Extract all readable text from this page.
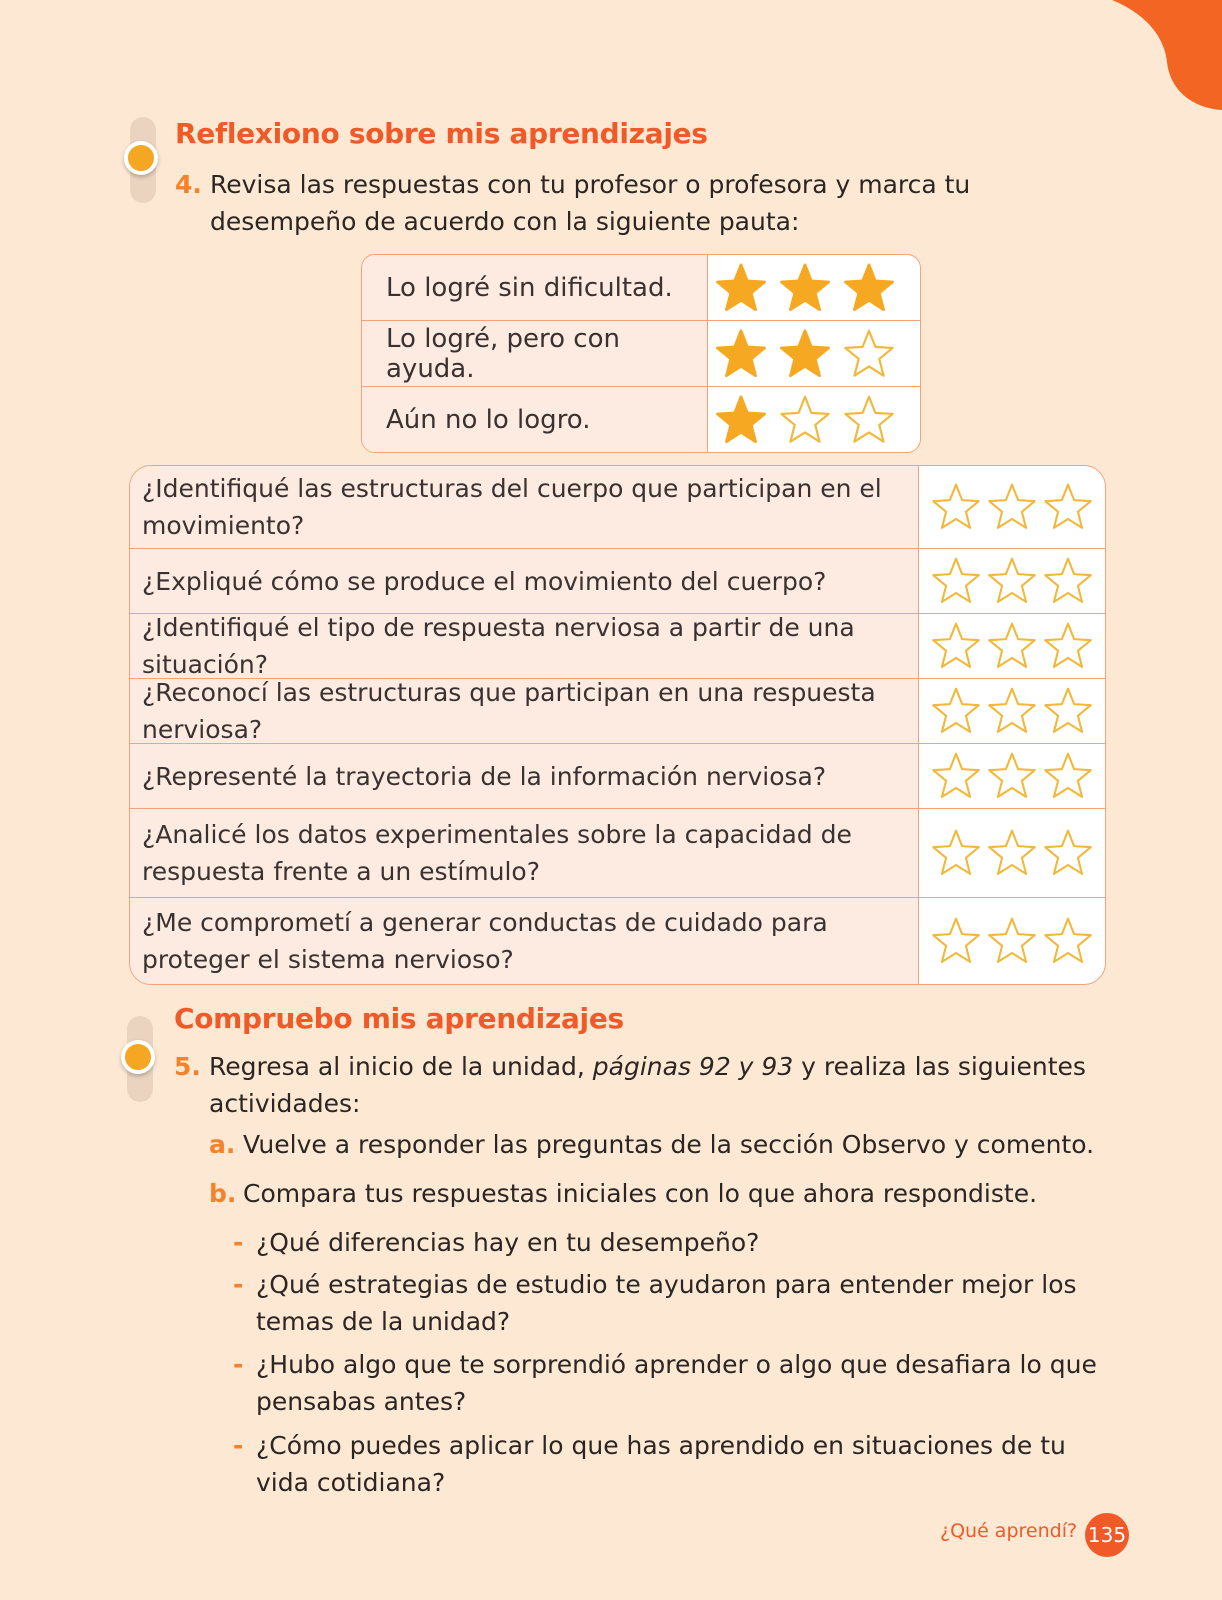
Reflexiono sobre mis aprendizajes
4. Revisa las respuestas con tu profesor o profesora y marca tu desempeño de acuerdo con la siguiente pauta:
Lo logré sin dificultad.
Lo logré, pero con ayuda.
Aún no lo logro.
¿Identifiqué las estructuras del cuerpo que participan en el movimiento?
¿Expliqué cómo se produce el movimiento del cuerpo?
¿Identifiqué el tipo de respuesta nerviosa a partir de una situación?
¿Reconocí las estructuras que participan en una respuesta nerviosa?
¿Representé la trayectoria de la información nerviosa?
¿Analicé los datos experimentales sobre la capacidad de respuesta frente a un estímulo?
¿Me comprometí a generar conductas de cuidado para proteger el sistema nervioso?
Compruebo mis aprendizajes
5. Regresa al inicio de la unidad, páginas 92 y 93 y realiza las siguientes actividades:
a. Vuelve a responder las preguntas de la sección Observo y comento.
b. Compara tus respuestas iniciales con lo que ahora respondiste.
- ¿Qué diferencias hay en tu desempeño?
- ¿Qué estrategias de estudio te ayudaron para entender mejor los temas de la unidad?
- ¿Hubo algo que te sorprendió aprender o algo que desafiara lo que pensabas antes?
- ¿Cómo puedes aplicar lo que has aprendido en situaciones de tu vida cotidiana?
¿Qué aprendí? 135
